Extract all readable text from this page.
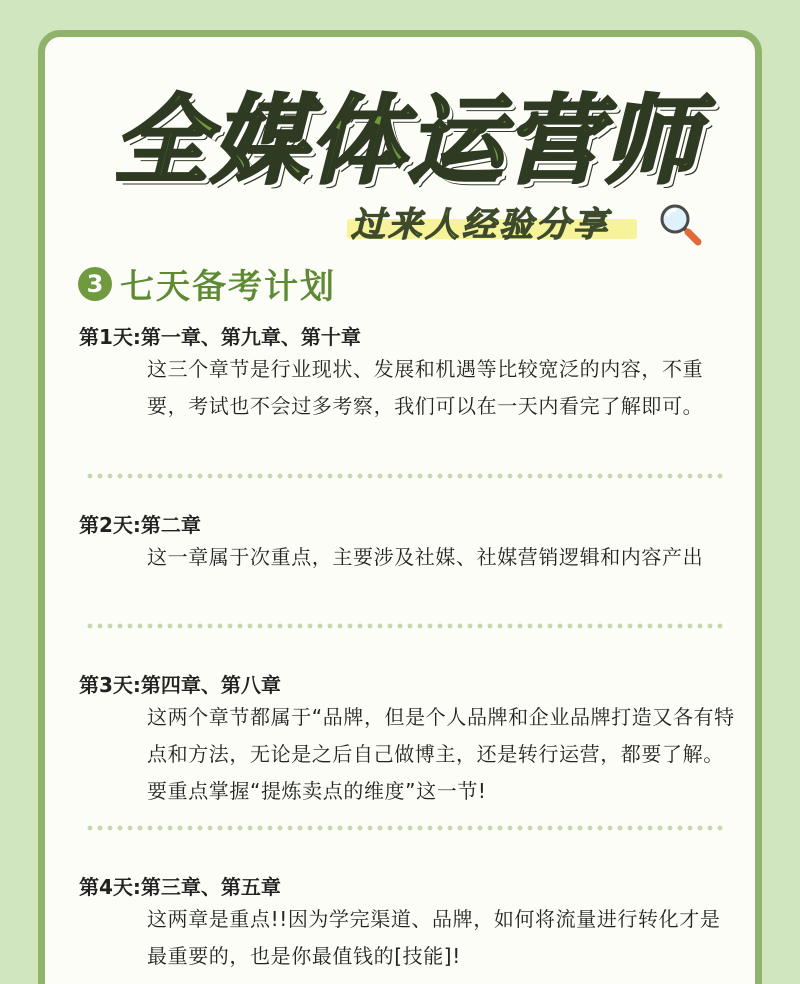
全媒体运营师
过来人经验分享
3 七天备考计划
第1天:第一章、第九章、第十章
这三个章节是行业现状、发展和机遇等比较宽泛的内容，不重要，考试也不会过多考察，我们可以在一天内看完了解即可。
第2天:第二章
这一章属于次重点，主要涉及社媒、社媒营销逻辑和内容产出
第3天:第四章、第八章
这两个章节都属于“品牌，但是个人品牌和企业品牌打造又各有特点和方法，无论是之后自己做博主，还是转行运营，都要了解。要重点掌握“提炼卖点的维度”这一节!
第4天:第三章、第五章
这两章是重点!!因为学完渠道、品牌，如何将流量进行转化才是最重要的，也是你最值钱的[技能]!
